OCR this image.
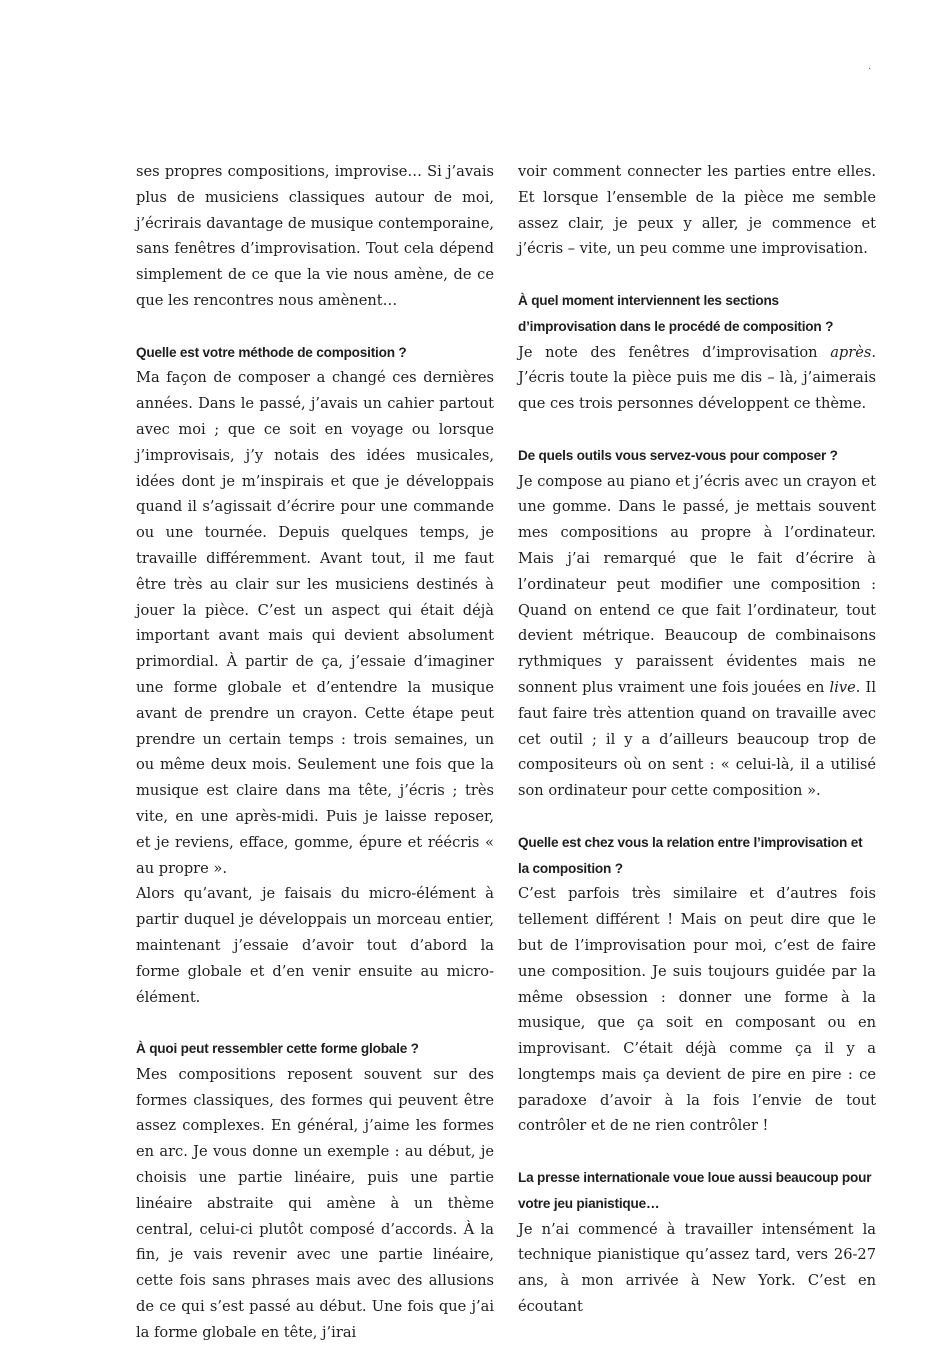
·

ses propres compositions, improvise… Si j’avais plus de musiciens classiques autour de moi, j’écrirais davantage de musique contemporaine, sans fenêtres d’improvisation. Tout cela dépend simplement de ce que la vie nous amène, de ce que les rencontres nous amènent…

Quelle est votre méthode de composition ?

Ma façon de composer a changé ces dernières années. Dans le passé, j’avais un cahier partout avec moi ; que ce soit en voyage ou lorsque j’improvisais, j’y notais des idées musicales, idées dont je m’inspirais et que je développais quand il s’agissait d’écrire pour une commande ou une tournée. Depuis quelques temps, je travaille différemment. Avant tout, il me faut être très au clair sur les musiciens destinés à jouer la pièce. C’est un aspect qui était déjà important avant mais qui devient absolument primordial. À partir de ça, j’essaie d’imaginer une forme globale et d’entendre la musique avant de prendre un crayon. Cette étape peut prendre un certain temps : trois semaines, un ou même deux mois. Seulement une fois que la musique est claire dans ma tête, j’écris ; très vite, en une après-midi. Puis je laisse reposer, et je reviens, efface, gomme, épure et réécris « au propre ».

Alors qu’avant, je faisais du micro-élément à partir duquel je développais un morceau entier, maintenant j’essaie d’avoir tout d’abord la forme globale et d’en venir ensuite au micro-élément.

À quoi peut ressembler cette forme globale ?

Mes compositions reposent souvent sur des formes classiques, des formes qui peuvent être assez complexes. En général, j’aime les formes en arc. Je vous donne un exemple : au début, je choisis une partie linéaire, puis une partie linéaire abstraite qui amène à un thème central, celui-ci plutôt composé d’accords. À la fin, je vais revenir avec une partie linéaire, cette fois sans phrases mais avec des allusions de ce qui s’est passé au début. Une fois que j’ai la forme globale en tête, j’irai

voir comment connecter les parties entre elles. Et lorsque l’ensemble de la pièce me semble assez clair, je peux y aller, je commence et j’écris – vite, un peu comme une improvisation.

À quel moment interviennent les sections d’improvisation dans le procédé de composition ?

Je note des fenêtres d’improvisation après. J’écris toute la pièce puis me dis – là, j’aimerais que ces trois personnes développent ce thème.

De quels outils vous servez-vous pour composer ?

Je compose au piano et j’écris avec un crayon et une gomme. Dans le passé, je mettais souvent mes compositions au propre à l’ordinateur. Mais j’ai remarqué que le fait d’écrire à l’ordinateur peut modifier une composition : Quand on entend ce que fait l’ordinateur, tout devient métrique. Beaucoup de combinaisons rythmiques y paraissent évidentes mais ne sonnent plus vraiment une fois jouées en live. Il faut faire très attention quand on travaille avec cet outil ; il y a d’ailleurs beaucoup trop de compositeurs où on sent : « celui-là, il a utilisé son ordinateur pour cette composition ».

Quelle est chez vous la relation entre l’improvisation et la composition ?

C’est parfois très similaire et d’autres fois tellement différent ! Mais on peut dire que le but de l’improvisation pour moi, c’est de faire une composition. Je suis toujours guidée par la même obsession : donner une forme à la musique, que ça soit en composant ou en improvisant. C’était déjà comme ça il y a longtemps mais ça devient de pire en pire : ce paradoxe d’avoir à la fois l’envie de tout contrôler et de ne rien contrôler !

La presse internationale voue loue aussi beaucoup pour votre jeu pianistique…

Je n’ai commencé à travailler intensément la technique pianistique qu’assez tard, vers 26-27 ans, à mon arrivée à New York. C’est en écoutant
